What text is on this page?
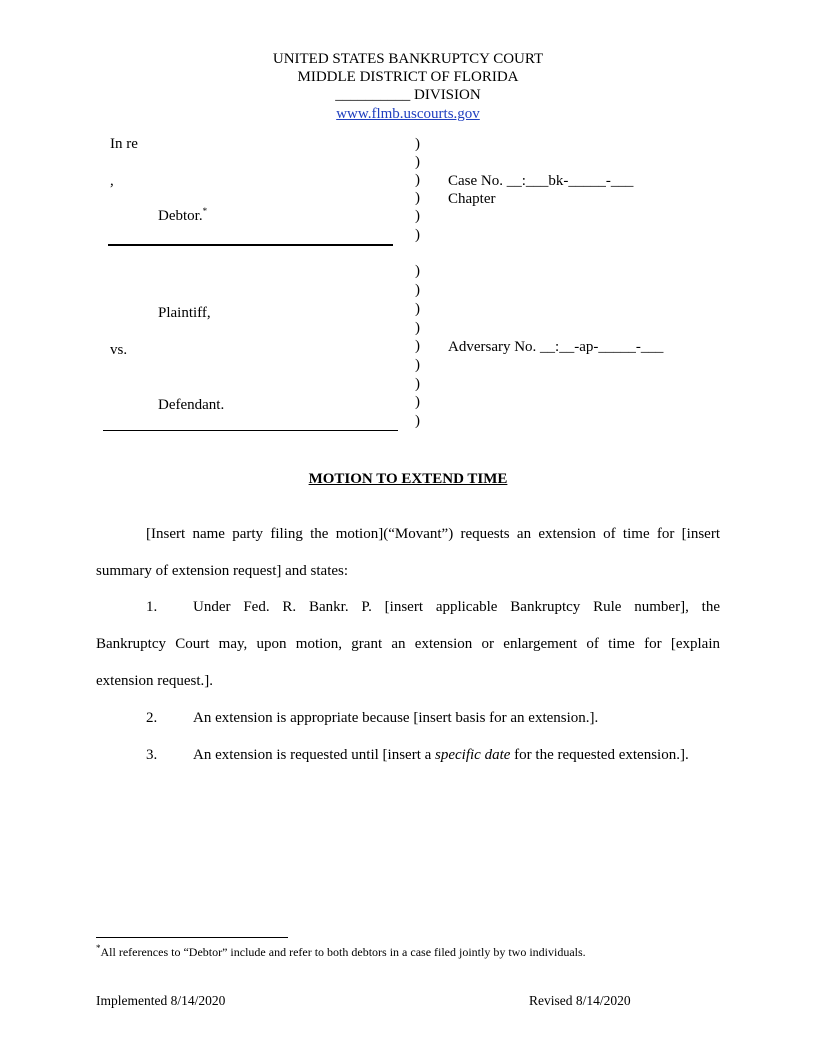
UNITED STATES BANKRUPTCY COURT
MIDDLE DISTRICT OF FLORIDA
__________ DIVISION
www.flmb.uscourts.gov
In re
,
Debtor.*
Plaintiff,
vs.
Defendant.
)
)
)
)
)
)
)
)
)
)
)
)
)
)
)
Case No. __:___bk-_____-___
Chapter
Adversary No. __:__-ap-_____-___
MOTION TO EXTEND TIME
[Insert name party filing the motion](“Movant”) requests an extension of time for [insert
summary of extension request] and states:
1. Under Fed. R. Bankr. P. [insert applicable Bankruptcy Rule number], the
Bankruptcy Court may, upon motion, grant an extension or enlargement of time for [explain
extension request.].
2. An extension is appropriate because [insert basis for an extension.].
3. An extension is requested until [insert a specific date for the requested extension.].
*All references to “Debtor” include and refer to both debtors in a case filed jointly by two individuals.
Implemented 8/14/2020	Revised 8/14/2020
